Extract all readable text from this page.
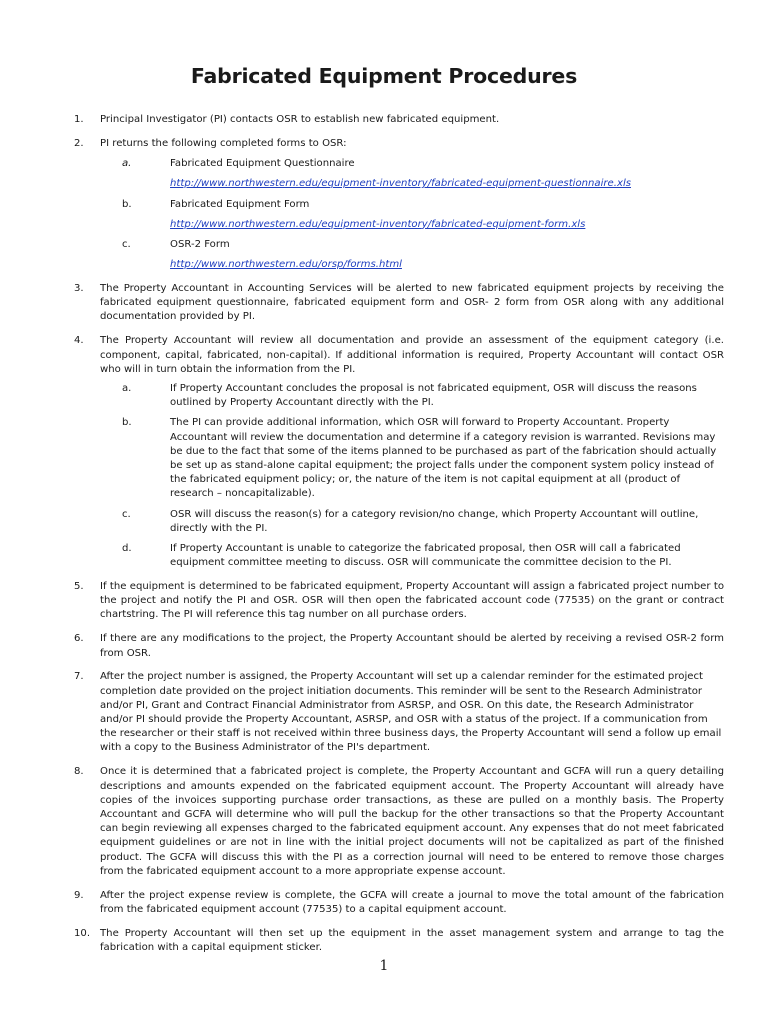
Fabricated Equipment Procedures
1.	Principal Investigator (PI) contacts OSR to establish new fabricated equipment.
2.	PI returns the following completed forms to OSR:
a.	Fabricated Equipment Questionnaire
http://www.northwestern.edu/equipment-inventory/fabricated-equipment-questionnaire.xls
b.	Fabricated Equipment Form
http://www.northwestern.edu/equipment-inventory/fabricated-equipment-form.xls
c.	OSR-2 Form
http://www.northwestern.edu/orsp/forms.html
3.	The Property Accountant in Accounting Services will be alerted to new fabricated equipment projects by receiving the fabricated equipment questionnaire, fabricated equipment form and OSR- 2 form from OSR along with any additional documentation provided by PI.
4.	The Property Accountant will review all documentation and provide an assessment of the equipment category (i.e. component, capital, fabricated, non-capital). If additional information is required, Property Accountant will contact OSR who will in turn obtain the information from the PI.
a.	If Property Accountant concludes the proposal is not fabricated equipment, OSR will discuss the reasons outlined by Property Accountant directly with the PI.
b.	The PI can provide additional information, which OSR will forward to Property Accountant. Property Accountant will review the documentation and determine if a category revision is warranted. Revisions may be due to the fact that some of the items planned to be purchased as part of the fabrication should actually be set up as stand-alone capital equipment; the project falls under the component system policy instead of the fabricated equipment policy; or, the nature of the item is not capital equipment at all (product of research – noncapitalizable).
c.	OSR will discuss the reason(s) for a category revision/no change, which Property Accountant will outline, directly with the PI.
d.	If Property Accountant is unable to categorize the fabricated proposal, then OSR will call a fabricated equipment committee meeting to discuss. OSR will communicate the committee decision to the PI.
5.	If the equipment is determined to be fabricated equipment, Property Accountant will assign a fabricated project number to the project and notify the PI and OSR. OSR will then open the fabricated account code (77535) on the grant or contract chartstring. The PI will reference this tag number on all purchase orders.
6.	If there are any modifications to the project, the Property Accountant should be alerted by receiving a revised OSR-2 form from OSR.
7.	After the project number is assigned, the Property Accountant will set up a calendar reminder for the estimated project completion date provided on the project initiation documents. This reminder will be sent to the Research Administrator and/or PI, Grant and Contract Financial Administrator from ASRSP, and OSR. On this date, the Research Administrator and/or PI should provide the Property Accountant, ASRSP, and OSR with a status of the project. If a communication from the researcher or their staff is not received within three business days, the Property Accountant will send a follow up email with a copy to the Business Administrator of the PI's department.
8.	Once it is determined that a fabricated project is complete, the Property Accountant and GCFA will run a query detailing descriptions and amounts expended on the fabricated equipment account. The Property Accountant will already have copies of the invoices supporting purchase order transactions, as these are pulled on a monthly basis. The Property Accountant and GCFA will determine who will pull the backup for the other transactions so that the Property Accountant can begin reviewing all expenses charged to the fabricated equipment account. Any expenses that do not meet fabricated equipment guidelines or are not in line with the initial project documents will not be capitalized as part of the finished product. The GCFA will discuss this with the PI as a correction journal will need to be entered to remove those charges from the fabricated equipment account to a more appropriate expense account.
9.	After the project expense review is complete, the GCFA will create a journal to move the total amount of the fabrication from the fabricated equipment account (77535) to a capital equipment account.
10. The Property Accountant will then set up the equipment in the asset management system and arrange to tag the fabrication with a capital equipment sticker.
1
